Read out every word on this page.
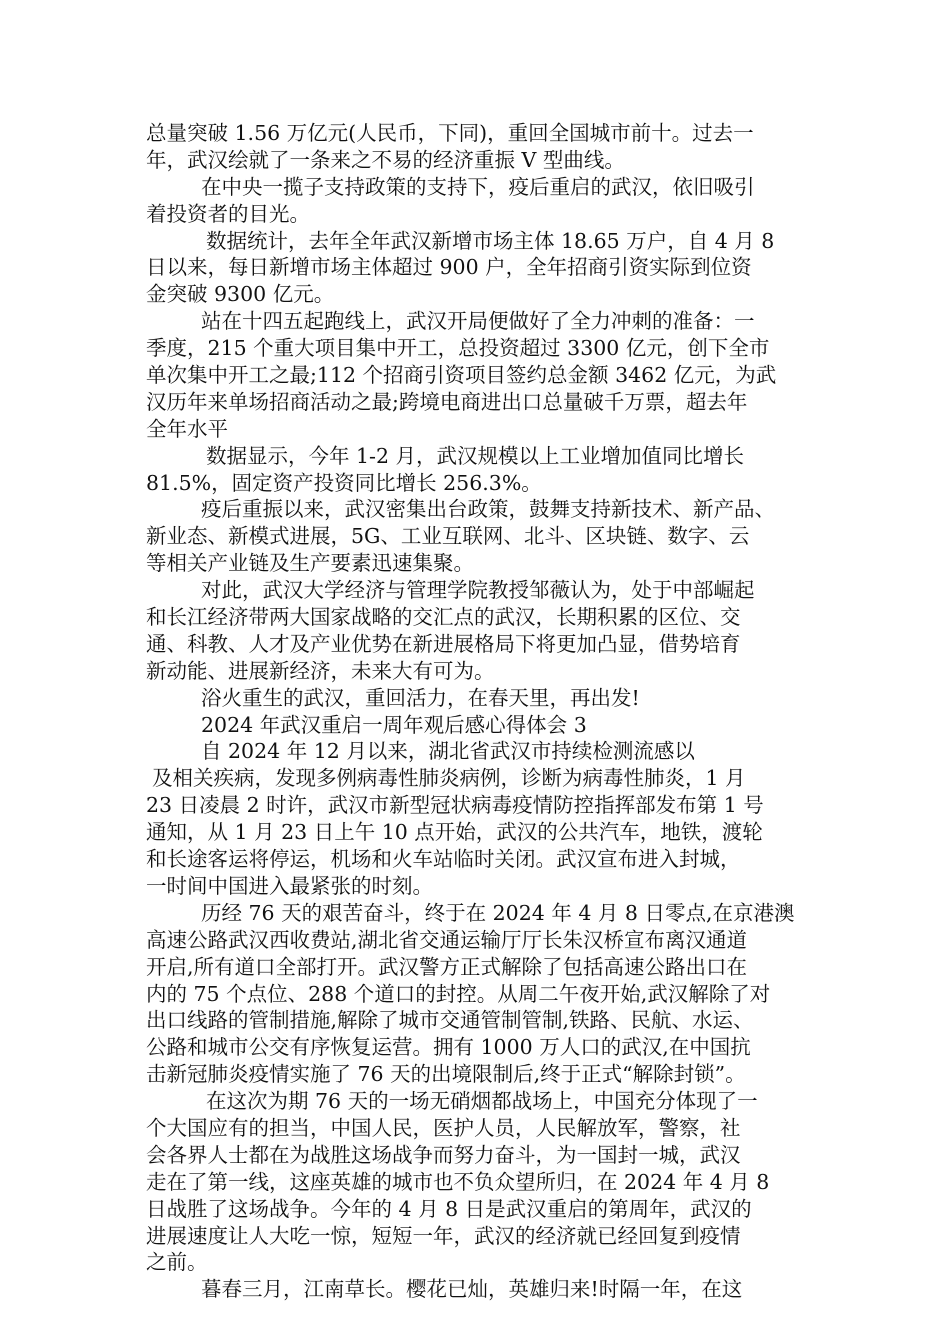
总量突破 1.56 万亿元(人民币，下同)，重回全国城市前十。过去一
年，武汉绘就了一条来之不易的经济重振 V 型曲线。
在中央一揽子支持政策的支持下，疫后重启的武汉，依旧吸引
着投资者的目光。
数据统计，去年全年武汉新增市场主体 18.65 万户，自 4 月 8
日以来，每日新增市场主体超过 900 户，全年招商引资实际到位资
金突破 9300 亿元。
站在十四五起跑线上，武汉开局便做好了全力冲刺的准备：一
季度，215 个重大项目集中开工，总投资超过 3300 亿元，创下全市
单次集中开工之最;112 个招商引资项目签约总金额 3462 亿元，为武
汉历年来单场招商活动之最;跨境电商进出口总量破千万票，超去年
全年水平
数据显示，今年 1-2 月，武汉规模以上工业增加值同比增长
81.5%，固定资产投资同比增长 256.3%。
疫后重振以来，武汉密集出台政策，鼓舞支持新技术、新产品、
新业态、新模式进展，5G、工业互联网、北斗、区块链、数字、云
等相关产业链及生产要素迅速集聚。
对此，武汉大学经济与管理学院教授邹薇认为，处于中部崛起
和长江经济带两大国家战略的交汇点的武汉，长期积累的区位、交
通、科教、人才及产业优势在新进展格局下将更加凸显，借势培育
新动能、进展新经济，未来大有可为。
浴火重生的武汉，重回活力，在春天里，再出发!
2024 年武汉重启一周年观后感心得体会 3
自 2024 年 12 月以来，湖北省武汉市持续检测流感以
及相关疾病，发现多例病毒性肺炎病例，诊断为病毒性肺炎，1 月
23 日凌晨 2 时许，武汉市新型冠状病毒疫情防控指挥部发布第 1 号
通知，从 1 月 23 日上午 10 点开始，武汉的公共汽车，地铁，渡轮
和长途客运将停运，机场和火车站临时关闭。武汉宣布进入封城，
一时间中国进入最紧张的时刻。
历经 76 天的艰苦奋斗，终于在 2024 年 4 月 8 日零点,在京港澳
高速公路武汉西收费站,湖北省交通运输厅厅长朱汉桥宣布离汉通道
开启,所有道口全部打开。武汉警方正式解除了包括高速公路出口在
内的 75 个点位、288 个道口的封控。从周二午夜开始,武汉解除了对
出口线路的管制措施,解除了城市交通管制管制,铁路、民航、水运、
公路和城市公交有序恢复运营。拥有 1000 万人口的武汉,在中国抗
击新冠肺炎疫情实施了 76 天的出境限制后,终于正式“解除封锁”。
在这次为期 76 天的一场无硝烟都战场上，中国充分体现了一
个大国应有的担当，中国人民，医护人员，人民解放军，警察，社
会各界人士都在为战胜这场战争而努力奋斗，为一国封一城，武汉
走在了第一线，这座英雄的城市也不负众望所归，在 2024 年 4 月 8
日战胜了这场战争。今年的 4 月 8 日是武汉重启的第周年，武汉的
进展速度让人大吃一惊，短短一年，武汉的经济就已经回复到疫情
之前。
暮春三月，江南草长。樱花已灿，英雄归来!时隔一年，在这
